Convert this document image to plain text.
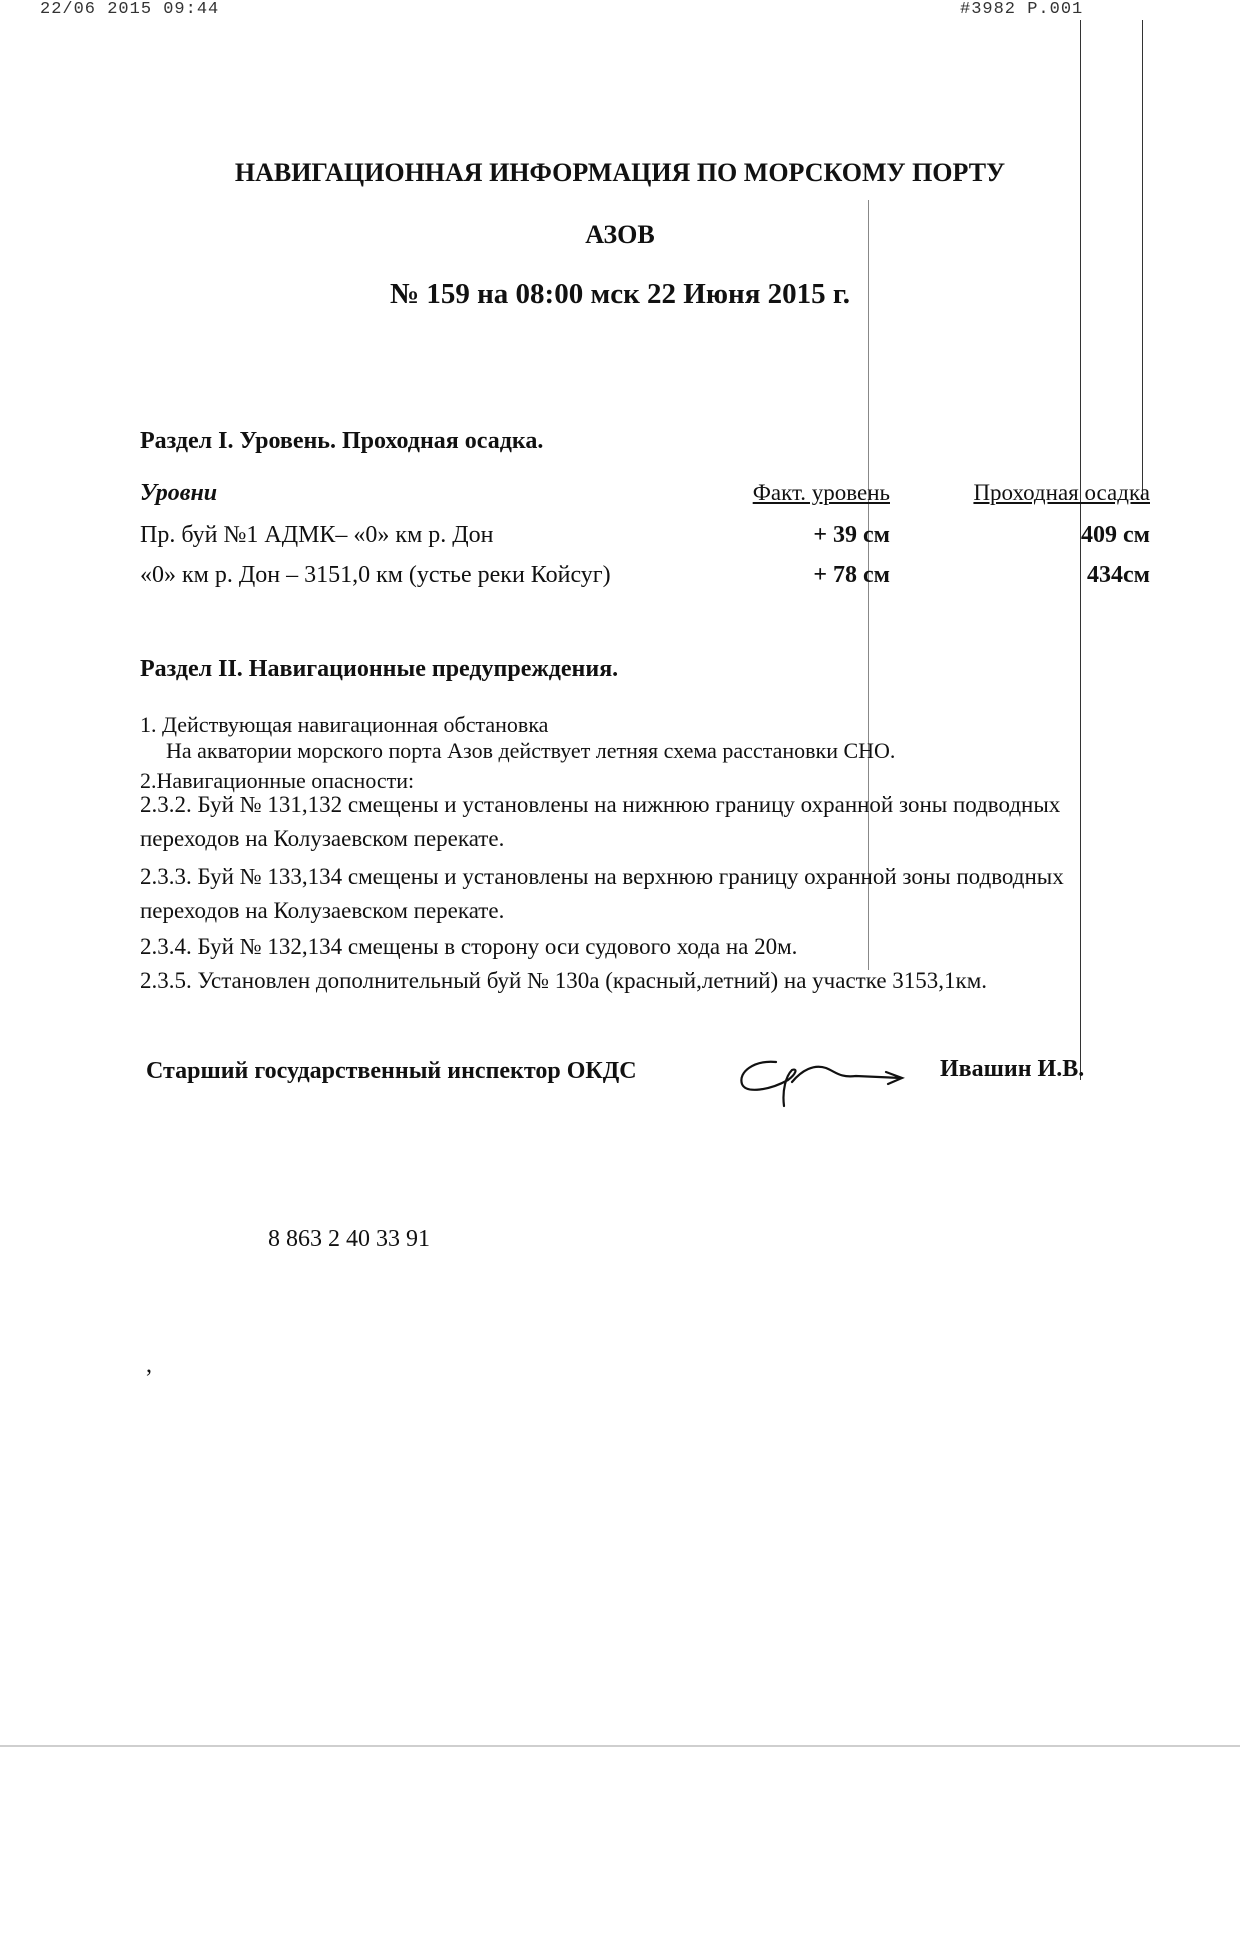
22/06 2015 09:44	#3982 P.001
НАВИГАЦИОННАЯ ИНФОРМАЦИЯ ПО МОРСКОМУ ПОРТУ
АЗОВ
№ 159 на 08:00 мск 22 Июня 2015 г.
Раздел I. Уровень. Проходная осадка.
Уровни	Факт. уровень	Проходная осадка
Пр. буй №1 АДМК– «0» км р. Дон	+ 39 см	409 см
«0» км р. Дон – 3151,0 км (устье реки Койсуг)	+ 78 см	434см
Раздел II. Навигационные предупреждения.
1. Действующая навигационная обстановка
На акватории морского порта Азов действует летняя схема расстановки СНО.
2.Навигационные опасности:
2.3.2. Буй № 131,132 смещены и установлены на нижнюю границу охранной зоны подводных переходов на Колузаевском перекате.
2.3.3. Буй № 133,134 смещены и установлены на верхнюю границу охранной зоны подводных переходов на Колузаевском перекате.
2.3.4. Буй № 132,134 смещены в сторону оси судового хода на 20м.
2.3.5. Установлен дополнительный буй № 130а (красный,летний) на участке 3153,1км.
Старший государственный инспектор ОКДС	Ивашин И.В.
8 863 2 40 33 91
,
